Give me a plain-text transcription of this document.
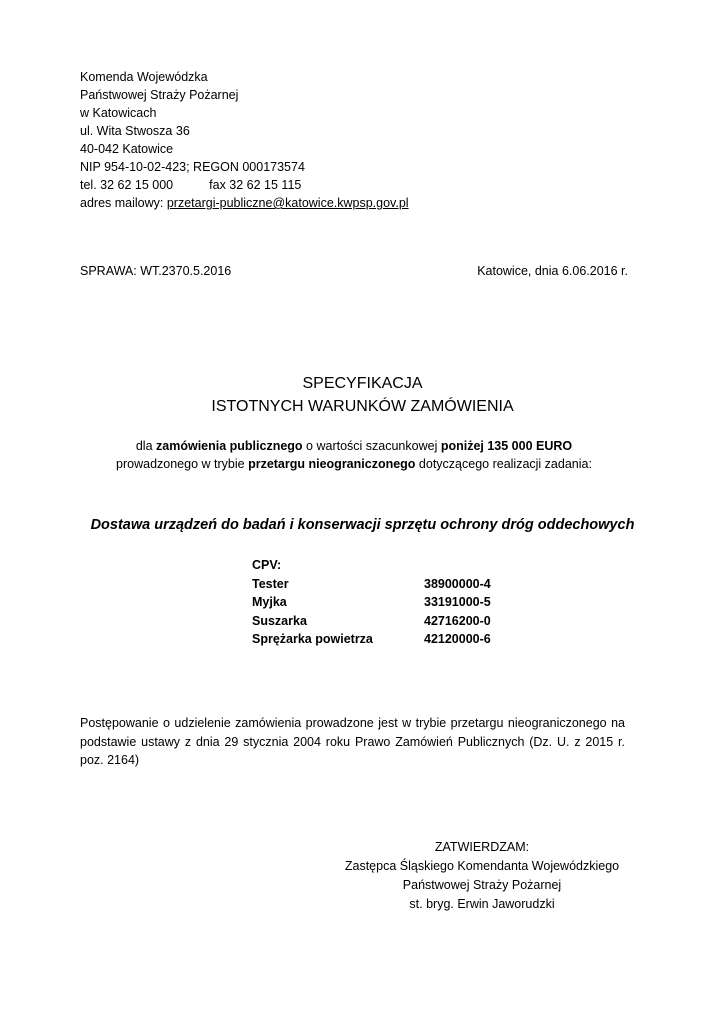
Komenda Wojewódzka
Państwowej Straży Pożarnej
w Katowicach
ul. Wita Stwosza 36
40-042 Katowice
NIP 954-10-02-423; REGON 000173574
tel. 32 62 15 000	fax 32 62 15 115
adres mailowy: przetargi-publiczne@katowice.kwpsp.gov.pl
SPRAWA: WT.2370.5.2016	Katowice, dnia 6.06.2016 r.
SPECYFIKACJA
ISTOTNYCH WARUNKÓW ZAMÓWIENIA
dla zamówienia publicznego o wartości szacunkowej poniżej 135 000 EURO
prowadzonego w trybie przetargu nieograniczonego dotyczącego realizacji zadania:
Dostawa urządzeń do badań i konserwacji sprzętu ochrony dróg oddechowych
CPV:
Tester	38900000-4
Myjka	33191000-5
Suszarka	42716200-0
Sprężarka powietrza	42120000-6
Postępowanie o udzielenie zamówienia prowadzone jest w trybie przetargu nieograniczonego na podstawie ustawy z dnia 29 stycznia 2004 roku Prawo Zamówień Publicznych (Dz. U. z 2015 r. poz. 2164)
ZATWIERDZAM:
Zastępca Śląskiego Komendanta Wojewódzkiego
Państwowej Straży Pożarnej
st. bryg. Erwin Jaworudzki
